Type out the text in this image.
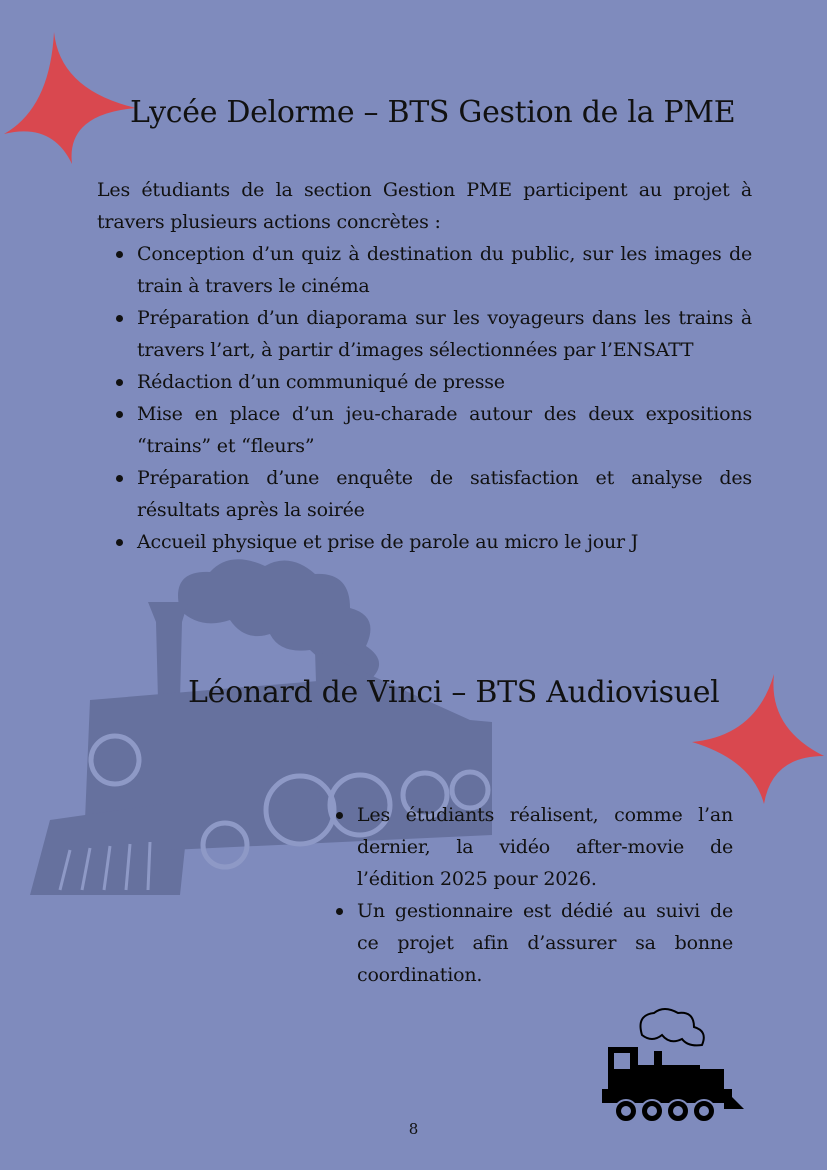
Lycée Delorme – BTS Gestion de la PME

Les étudiants de la section Gestion PME participent au projet à travers plusieurs actions concrètes :

Conception d’un quiz à destination du public, sur les images de train à travers le cinéma
Préparation d’un diaporama sur les voyageurs dans les trains à travers l’art, à partir d’images sélectionnées par l’ENSATT
Rédaction d’un communiqué de presse
Mise en place d’un jeu-charade autour des deux expositions “trains” et “fleurs”
Préparation d’une enquête de satisfaction et analyse des résultats après la soirée
Accueil physique et prise de parole au micro le jour J
Léonard de Vinci – BTS Audiovisuel
Les étudiants réalisent, comme l’an dernier, la vidéo after-movie de l’édition 2025 pour 2026.
Un gestionnaire est dédié au suivi de ce projet afin d’assurer sa bonne coordination.
8
